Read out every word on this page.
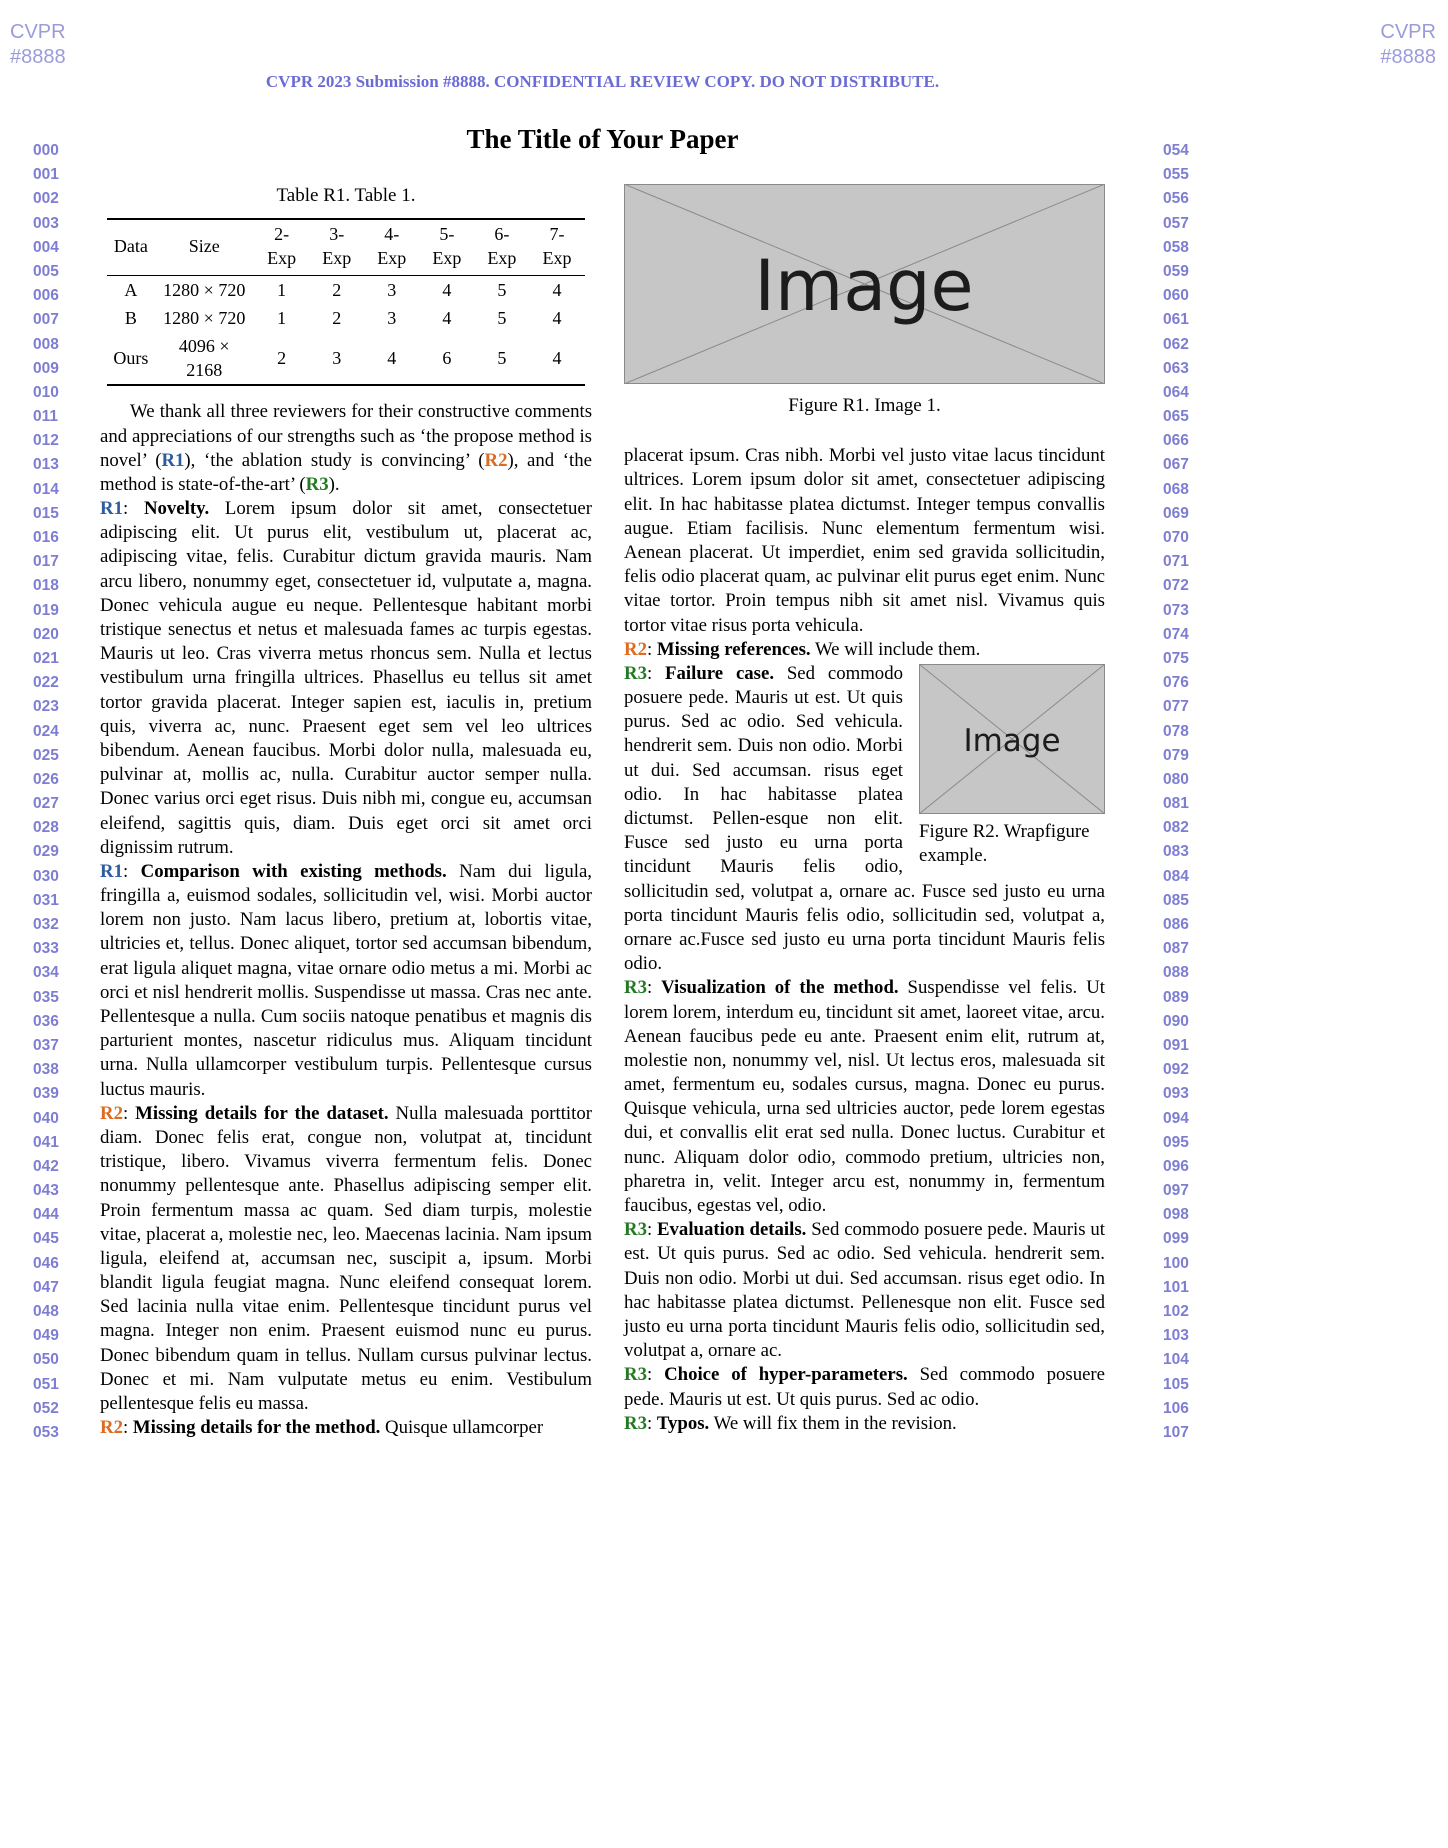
CVPR
#8888
CVPR
#8888
CVPR 2023 Submission #8888. CONFIDENTIAL REVIEW COPY. DO NOT DISTRIBUTE.
The Title of Your Paper
000
001
002
003
004
005
006
007
008
009
010
011
012
013
014
015
016
017
018
019
020
021
022
023
024
025
026
027
028
029
030
031
032
033
034
035
036
037
038
039
040
041
042
043
044
045
046
047
048
049
050
051
052
053
054
055
056
057
058
059
060
061
062
063
064
065
066
067
068
069
070
071
072
073
074
075
076
077
078
079
080
081
082
083
084
085
086
087
088
089
090
091
092
093
094
095
096
097
098
099
100
101
102
103
104
105
106
107
Table R1. Table 1.
Data	Size	2-Exp	3-Exp	4-Exp	5-Exp	6-Exp	7-Exp
A	1280 × 720	1	2	3	4	5	4
B	1280 × 720	1	2	3	4	5	4
Ours	4096 × 2168	2	3	4	6	5	4

We thank all three reviewers for their constructive comments and appreciations of our strengths such as ‘the propose method is novel’ (R1), ‘the ablation study is convincing’ (R2), and ‘the method is state-of-the-art’ (R3).

R1: Novelty. Lorem ipsum dolor sit amet, consectetuer adipiscing elit. Ut purus elit, vestibulum ut, placerat ac, adipiscing vitae, felis. Curabitur dictum gravida mauris. Nam arcu libero, nonummy eget, consectetuer id, vulputate a, magna. Donec vehicula augue eu neque. Pellentesque habitant morbi tristique senectus et netus et malesuada fames ac turpis egestas. Mauris ut leo. Cras viverra metus rhoncus sem. Nulla et lectus vestibulum urna fringilla ultrices. Phasellus eu tellus sit amet tortor gravida placerat. Integer sapien est, iaculis in, pretium quis, viverra ac, nunc. Praesent eget sem vel leo ultrices bibendum. Aenean faucibus. Morbi dolor nulla, malesuada eu, pulvinar at, mollis ac, nulla. Curabitur auctor semper nulla. Donec varius orci eget risus. Duis nibh mi, congue eu, accumsan eleifend, sagittis quis, diam. Duis eget orci sit amet orci dignissim rutrum.

R1: Comparison with existing methods. Nam dui ligula, fringilla a, euismod sodales, sollicitudin vel, wisi. Morbi auctor lorem non justo. Nam lacus libero, pretium at, lobortis vitae, ultricies et, tellus. Donec aliquet, tortor sed accumsan bibendum, erat ligula aliquet magna, vitae ornare odio metus a mi. Morbi ac orci et nisl hendrerit mollis. Suspendisse ut massa. Cras nec ante. Pellentesque a nulla. Cum sociis natoque penatibus et magnis dis parturient montes, nascetur ridiculus mus. Aliquam tincidunt urna. Nulla ullamcorper vestibulum turpis. Pellentesque cursus luctus mauris.

R2: Missing details for the dataset. Nulla malesuada porttitor diam. Donec felis erat, congue non, volutpat at, tincidunt tristique, libero. Vivamus viverra fermentum felis. Donec nonummy pellentesque ante. Phasellus adipiscing semper elit. Proin fermentum massa ac quam. Sed diam turpis, molestie vitae, placerat a, molestie nec, leo. Maecenas lacinia. Nam ipsum ligula, eleifend at, accumsan nec, suscipit a, ipsum. Morbi blandit ligula feugiat magna. Nunc eleifend consequat lorem. Sed lacinia nulla vitae enim. Pellentesque tincidunt purus vel magna. Integer non enim. Praesent euismod nunc eu purus. Donec bibendum quam in tellus. Nullam cursus pulvinar lectus. Donec et mi. Nam vulputate metus eu enim. Vestibulum pellentesque felis eu massa.

R2: Missing details for the method. Quisque ullamcorper

Image
Figure R1. Image 1.

placerat ipsum. Cras nibh. Morbi vel justo vitae lacus tincidunt ultrices. Lorem ipsum dolor sit amet, consectetuer adipiscing elit. In hac habitasse platea dictumst. Integer tempus convallis augue. Etiam facilisis. Nunc elementum fermentum wisi. Aenean placerat. Ut imperdiet, enim sed gravida sollicitudin, felis odio placerat quam, ac pulvinar elit purus eget enim. Nunc vitae tortor. Proin tempus nibh sit amet nisl. Vivamus quis tortor vitae risus porta vehicula.

R2: Missing references. We will include them.

Image
Figure R2. Wrapfigure example.
R3: Failure case. Sed commodo posuere pede. Mauris ut est. Ut quis purus. Sed ac odio. Sed vehicula. hendrerit sem. Duis non odio. Morbi ut dui. Sed accumsan. risus eget odio. In hac habitasse platea dictumst. Pellen-esque non elit. Fusce sed justo eu urna porta tincidunt Mauris felis odio, sollicitudin sed, volutpat a, ornare ac. Fusce sed justo eu urna porta tincidunt Mauris felis odio, sollicitudin sed, volutpat a, ornare ac.Fusce sed justo eu urna porta tincidunt Mauris felis odio.

R3: Visualization of the method. Suspendisse vel felis. Ut lorem lorem, interdum eu, tincidunt sit amet, laoreet vitae, arcu. Aenean faucibus pede eu ante. Praesent enim elit, rutrum at, molestie non, nonummy vel, nisl. Ut lectus eros, malesuada sit amet, fermentum eu, sodales cursus, magna. Donec eu purus. Quisque vehicula, urna sed ultricies auctor, pede lorem egestas dui, et convallis elit erat sed nulla. Donec luctus. Curabitur et nunc. Aliquam dolor odio, commodo pretium, ultricies non, pharetra in, velit. Integer arcu est, nonummy in, fermentum faucibus, egestas vel, odio.

R3: Evaluation details. Sed commodo posuere pede. Mauris ut est. Ut quis purus. Sed ac odio. Sed vehicula. hendrerit sem. Duis non odio. Morbi ut dui. Sed accumsan. risus eget odio. In hac habitasse platea dictumst. Pellenesque non elit. Fusce sed justo eu urna porta tincidunt Mauris felis odio, sollicitudin sed, volutpat a, ornare ac.

R3: Choice of hyper-parameters. Sed commodo posuere pede. Mauris ut est. Ut quis purus. Sed ac odio.

R3: Typos. We will fix them in the revision.
